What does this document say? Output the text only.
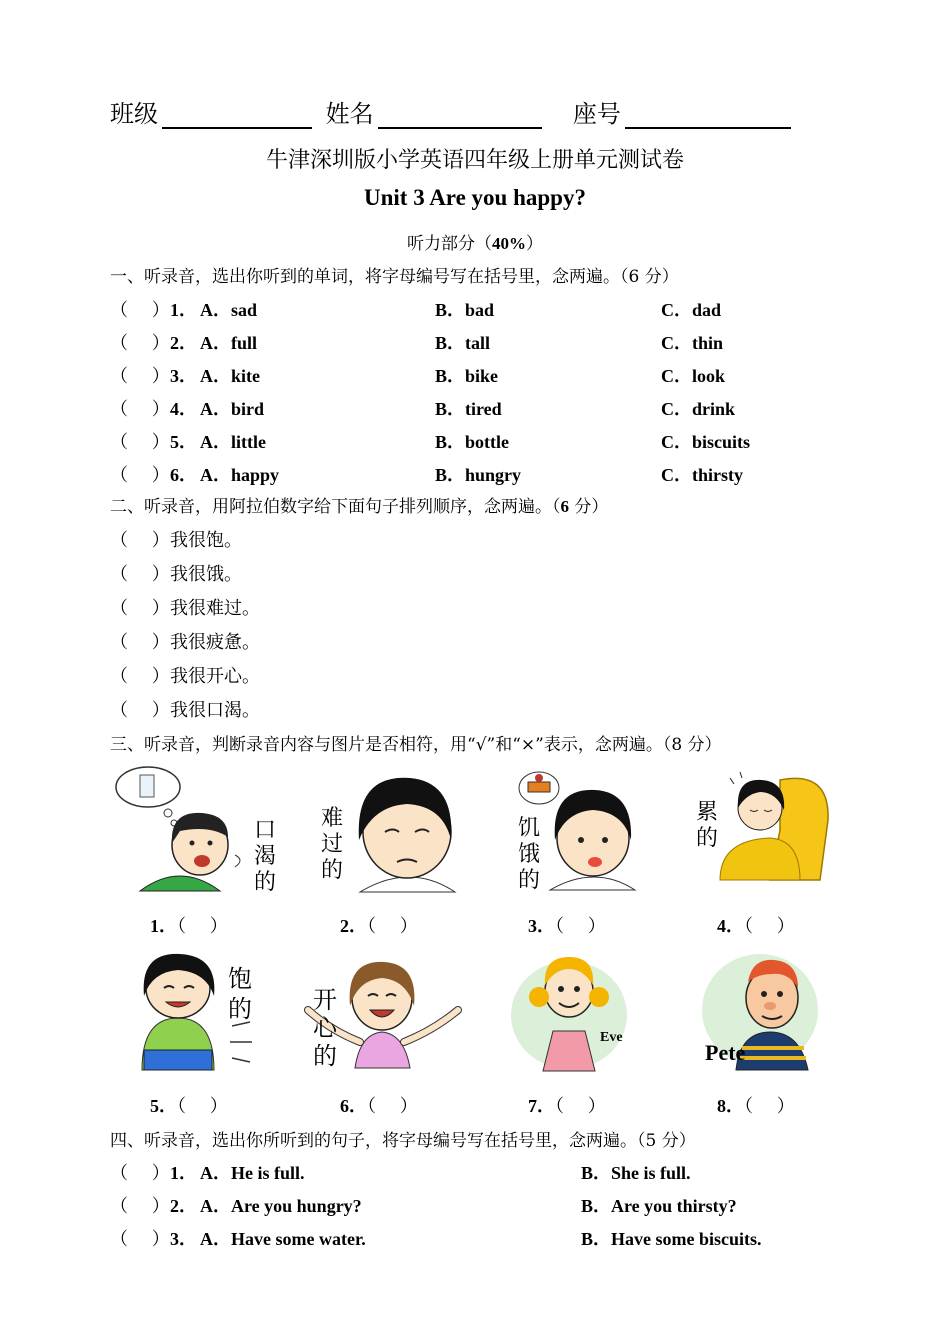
班级	姓名	座号
牛津深圳版小学英语四年级上册单元测试卷
Unit 3 Are you happy?
听力部分（40%）
一、听录音，选出你听到的单词，将字母编号写在括号里，念两遍。（6 分）
（　 ） 1． A．sad	B．bad	C．dad
（　 ） 2． A．full	B．tall	C．thin
（　 ） 3． A．kite	B．bike	C．look
（　 ） 4． A．bird	B．tired	C．drink
（　 ） 5． A．little	B．bottle	C．biscuits
（　 ） 6． A．happy	B．hungry	C．thirsty
二、听录音，用阿拉伯数字给下面句子排列顺序，念两遍。（6 分）
（　 ） 我很饱。
（　 ） 我很饿。
（　 ） 我很难过。
（　 ） 我很疲惫。
（　 ） 我很开心。
（　 ） 我很口渴。
三、听录音，判断录音内容与图片是否相符，用“√”和“×”表示，念两遍。（8 分）
口
渴
的
难
过
的
饥
饿
的
累
的
1．（　 ）	2．（　 ）	3．（　 ）	4．（　 ）
饱
的	开
心
的
Eve
Pete
5．（　 ）	6．（　 ）	7．（　 ）	8．（　 ）
四、听录音，选出你所听到的句子，将字母编号写在括号里，念两遍。（5 分）
（　 ） 1． A．He is full.	B．She is full.
（　 ） 2． A．Are you hungry?	B．Are you thirsty?
（　 ） 3． A．Have some water.	B．Have some biscuits.
